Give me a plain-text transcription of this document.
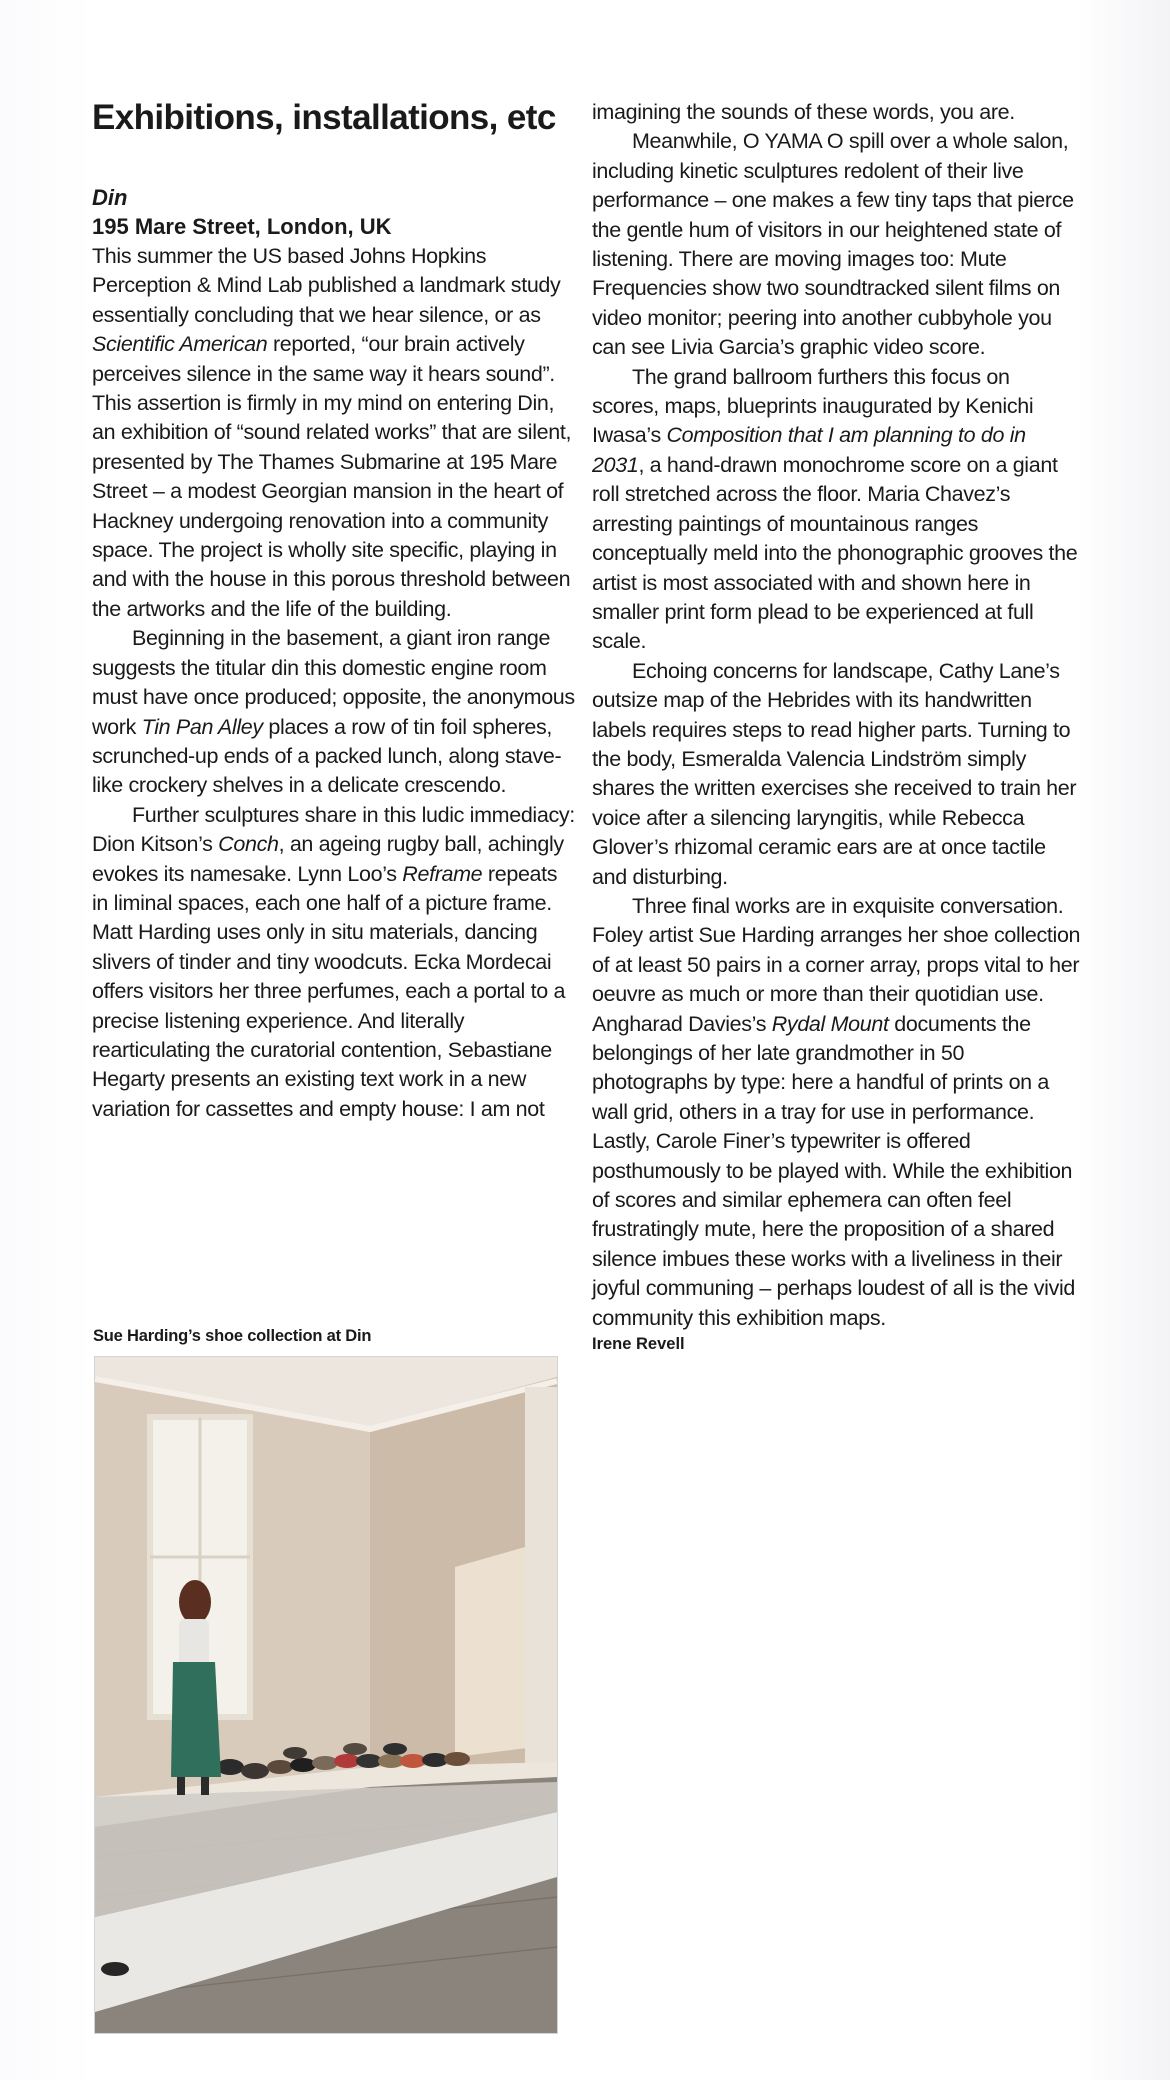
Exhibitions, installations, etc
Din
195 Mare Street, London, UK

This summer the US based Johns Hopkins Perception & Mind Lab published a landmark study essentially concluding that we hear silence, or as Scientific American reported, “our brain actively perceives silence in the same way it hears sound”. This assertion is firmly in my mind on entering Din, an exhibition of “sound related works” that are silent, presented by The Thames Submarine at 195 Mare Street – a modest Georgian mansion in the heart of Hackney undergoing renovation into a community space. The project is wholly site specific, playing in and with the house in this porous threshold between the artworks and the life of the building.

Beginning in the basement, a giant iron range suggests the titular din this domestic engine room must have once produced; opposite, the anonymous work Tin Pan Alley places a row of tin foil spheres, scrunched-up ends of a packed lunch, along stave-like crockery shelves in a delicate crescendo.

Further sculptures share in this ludic immediacy: Dion Kitson’s Conch, an ageing rugby ball, achingly evokes its namesake. Lynn Loo’s Reframe repeats in liminal spaces, each one half of a picture frame. Matt Harding uses only in situ materials, dancing slivers of tinder and tiny woodcuts. Ecka Mordecai offers visitors her three perfumes, each a portal to a precise listening experience. And literally rearticulating the curatorial contention, Sebastiane Hegarty presents an existing text work in a new variation for cassettes and empty house: I am not

Sue Harding’s shoe collection at Din

imagining the sounds of these words, you are.

Meanwhile, O YAMA O spill over a whole salon, including kinetic sculptures redolent of their live performance – one makes a few tiny taps that pierce the gentle hum of visitors in our heightened state of listening. There are moving images too: Mute Frequencies show two soundtracked silent films on video monitor; peering into another cubbyhole you can see Livia Garcia’s graphic video score.

The grand ballroom furthers this focus on scores, maps, blueprints inaugurated by Kenichi Iwasa’s Composition that I am planning to do in 2031, a hand-drawn monochrome score on a giant roll stretched across the floor. Maria Chavez’s arresting paintings of mountainous ranges conceptually meld into the phonographic grooves the artist is most associated with and shown here in smaller print form plead to be experienced at full scale.

Echoing concerns for landscape, Cathy Lane’s outsize map of the Hebrides with its handwritten labels requires steps to read higher parts. Turning to the body, Esmeralda Valencia Lindström simply shares the written exercises she received to train her voice after a silencing laryngitis, while Rebecca Glover’s rhizomal ceramic ears are at once tactile and disturbing.

Three final works are in exquisite conversation. Foley artist Sue Harding arranges her shoe collection of at least 50 pairs in a corner array, props vital to her oeuvre as much or more than their quotidian use. Angharad Davies’s Rydal Mount documents the belongings of her late grandmother in 50 photographs by type: here a handful of prints on a wall grid, others in a tray for use in performance. Lastly, Carole Finer’s typewriter is offered posthumously to be played with. While the exhibition of scores and similar ephemera can often feel frustratingly mute, here the proposition of a shared silence imbues these works with a liveliness in their joyful communing – perhaps loudest of all is the vivid community this exhibition maps.

Irene Revell
